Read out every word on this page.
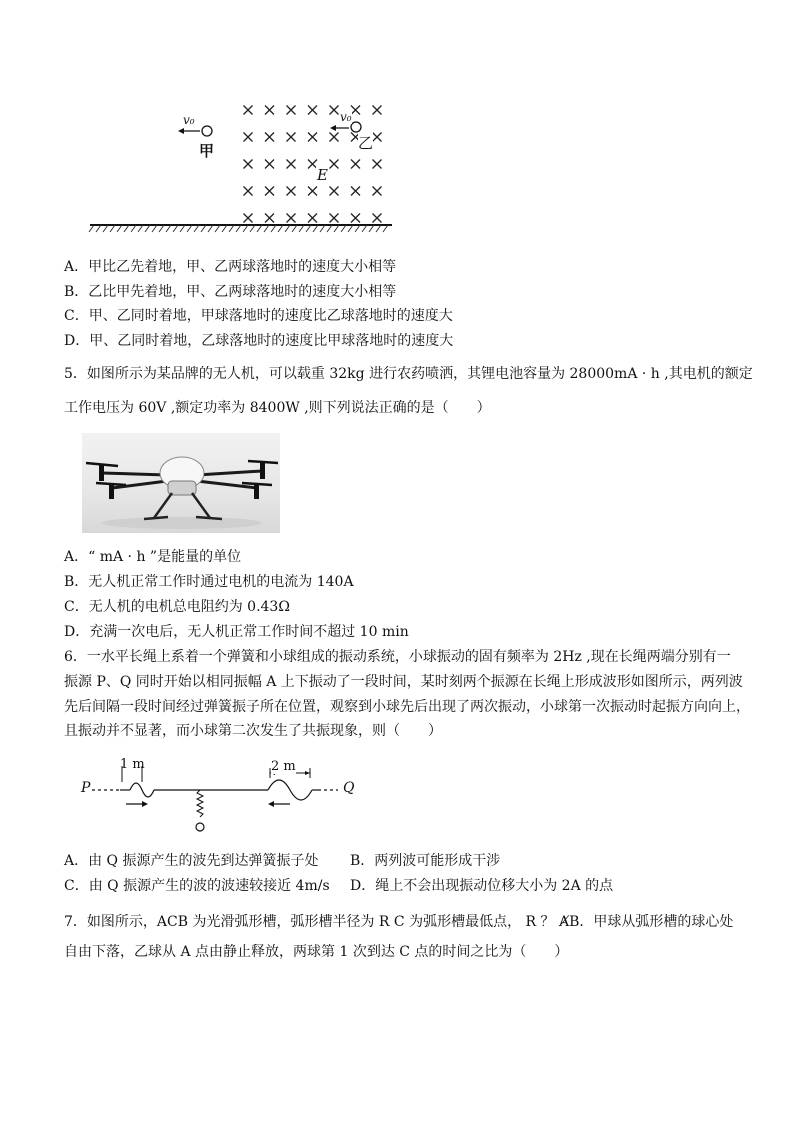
v₀
甲
v₀
乙
E
A．甲比乙先着地，甲、乙两球落地时的速度大小相等
B．乙比甲先着地，甲、乙两球落地时的速度大小相等
C．甲、乙同时着地，甲球落地时的速度比乙球落地时的速度大
D．甲、乙同时着地，乙球落地时的速度比甲球落地时的速度大
5．如图所示为某品牌的无人机，可以载重 32kg 进行农药喷洒，其锂电池容量为 28000mA · h ,其电机的额定
工作电压为 60V ,额定功率为 8400W ,则下列说法正确的是（　　）
A．“ mA · h ”是能量的单位
B．无人机正常工作时通过电机的电流为 140A
C．无人机的电机总电阻约为 0.43Ω
D．充满一次电后，无人机正常工作时间不超过 10 min
6．一水平长绳上系着一个弹簧和小球组成的振动系统，小球振动的固有频率为 2Hz ,现在长绳两端分别有一
振源 P、Q 同时开始以相同振幅 A 上下振动了一段时间，某时刻两个振源在长绳上形成波形如图所示，两列波
先后间隔一段时间经过弹簧振子所在位置，观察到小球先后出现了两次振动，小球第一次振动时起振方向向上，
且振动并不显著，而小球第二次发生了共振现象，则（　　）
1 m	2 m
P	Q
A．由 Q 振源产生的波先到达弹簧振子处 B．两列波可能形成干涉
C．由 Q 振源产生的波的波速较接近 4m/s D．绳上不会出现振动位移大小为 2A 的点
7．如图所示，ACB 为光滑弧形槽，弧形槽半径为 R C 为弧形槽最低点， R ？ ȺB．甲球从弧形槽的球心处
自由下落，乙球从 A 点由静止释放，两球第 1 次到达 C 点的时间之比为（　　）
